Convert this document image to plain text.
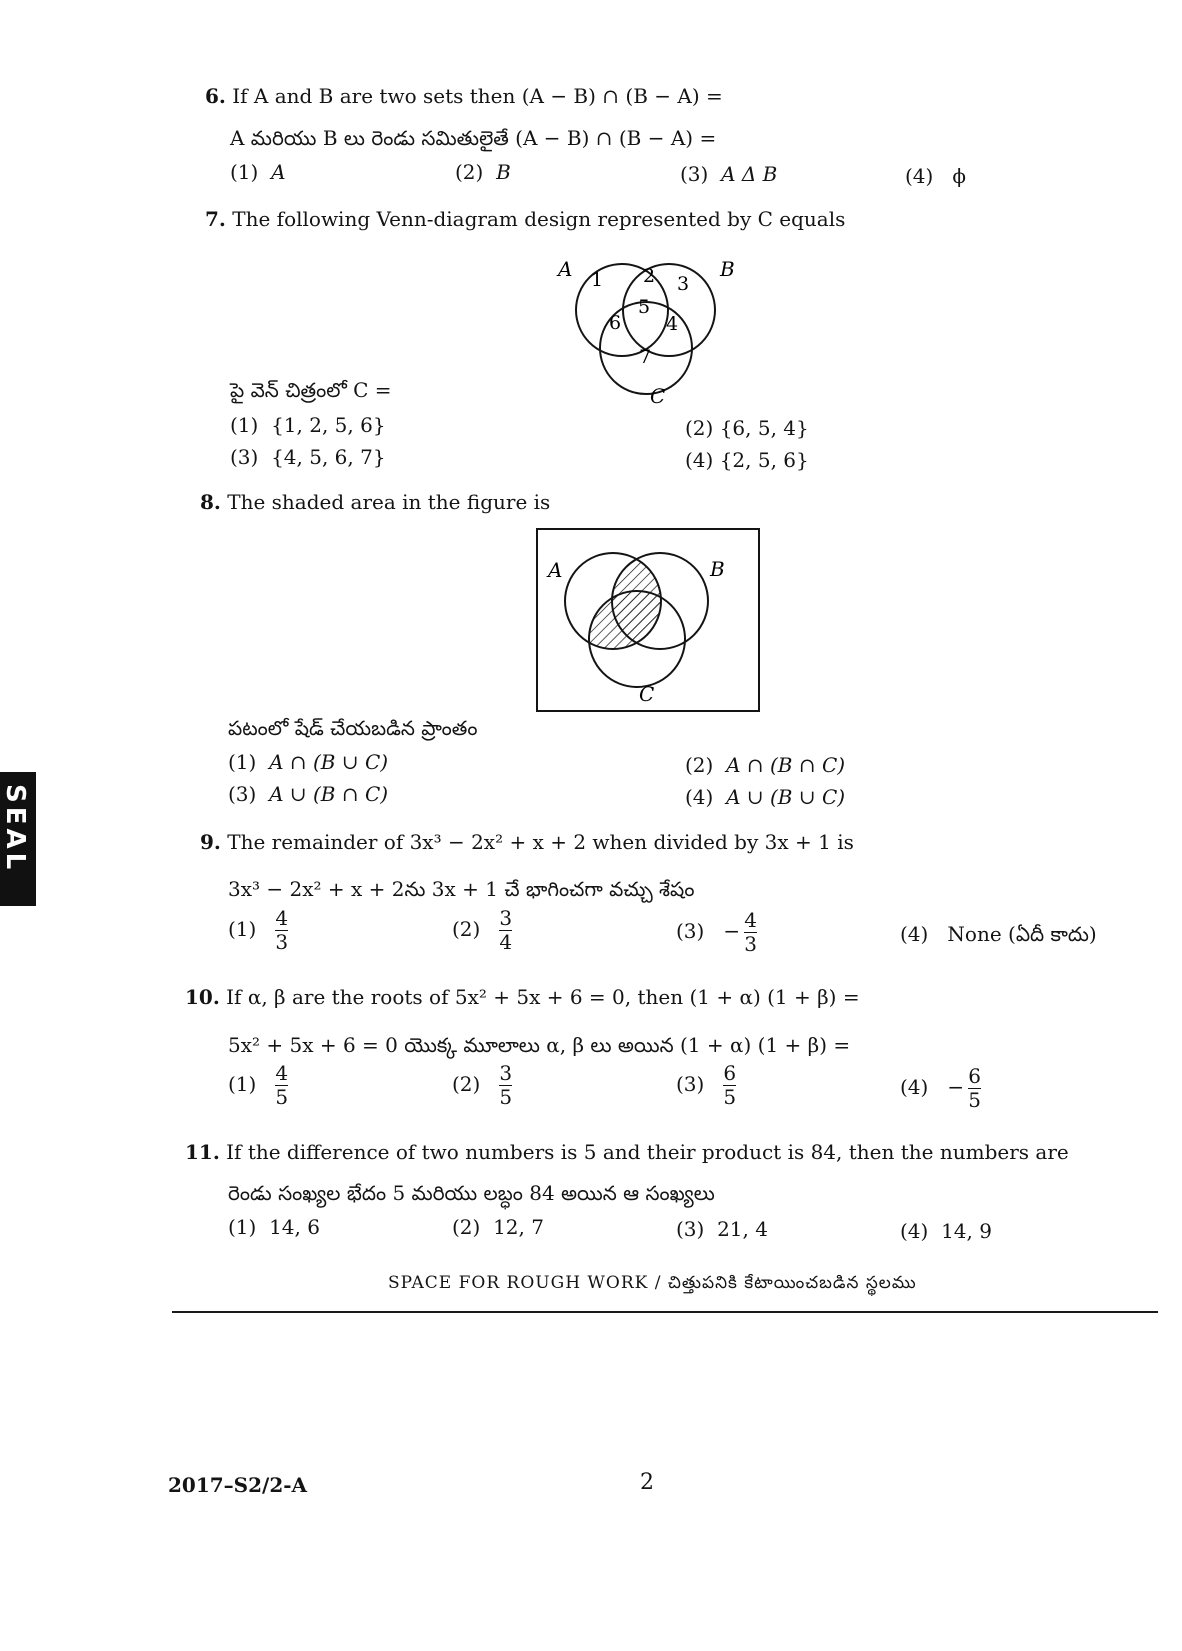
SEAL
6. If A and B are two sets then (A − B) ∩ (B − A) =
A మరియు B లు రెండు సమితులైతే (A − B) ∩ (B − A) =
(1) A	(2) B	(3) A Δ B	(4) ϕ
7. The following Venn-diagram design represented by C equals
A	B
C
1 2 3
5
6 4
7
పై వెన్ చిత్రంలో C =
(1) {1, 2, 5, 6}	(2) {6, 5, 4}
(3) {4, 5, 6, 7}	(4) {2, 5, 6}
8. The shaded area in the figure is
A	B
C
పటంలో షేడ్ చేయబడిన ప్రాంతం
(1) A ∩ (B ∪ C)	(2) A ∩ (B ∩ C)
(3) A ∪ (B ∩ C)	(4) A ∪ (B ∪ C)
9. The remainder of 3x³ − 2x² + x + 2 when divided by 3x + 1 is
3x³ − 2x² + x + 2ను 3x + 1 చే భాగించగా వచ్చు శేషం
$(1) \frac{4}{3}$	$(2) \frac{3}{4}$	$(3) - \frac{4}{3}$	(4) None (ఏదీ కాదు)
10. If α, β are the roots of 5x² + 5x + 6 = 0, then (1 + α) (1 + β) =
5x² + 5x + 6 = 0 యొక్క మూలాలు α, β లు అయిన (1 + α) (1 + β) =
$(1) \frac{4}{5}$	$(2) \frac{3}{5}$	$(3) \frac{6}{5}$	$(4) - \frac{6}{5}$
11. If the difference of two numbers is 5 and their product is 84, then the numbers are
రెండు సంఖ్యల భేదం 5 మరియు లబ్ధం 84 అయిన ఆ సంఖ్యలు
(1) 14, 6	(2) 12, 7	(3) 21, 4	(4) 14, 9
SPACE FOR ROUGH WORK / చిత్తుపనికి కేటాయించబడిన స్థలము
2017–S2/2-A	2
